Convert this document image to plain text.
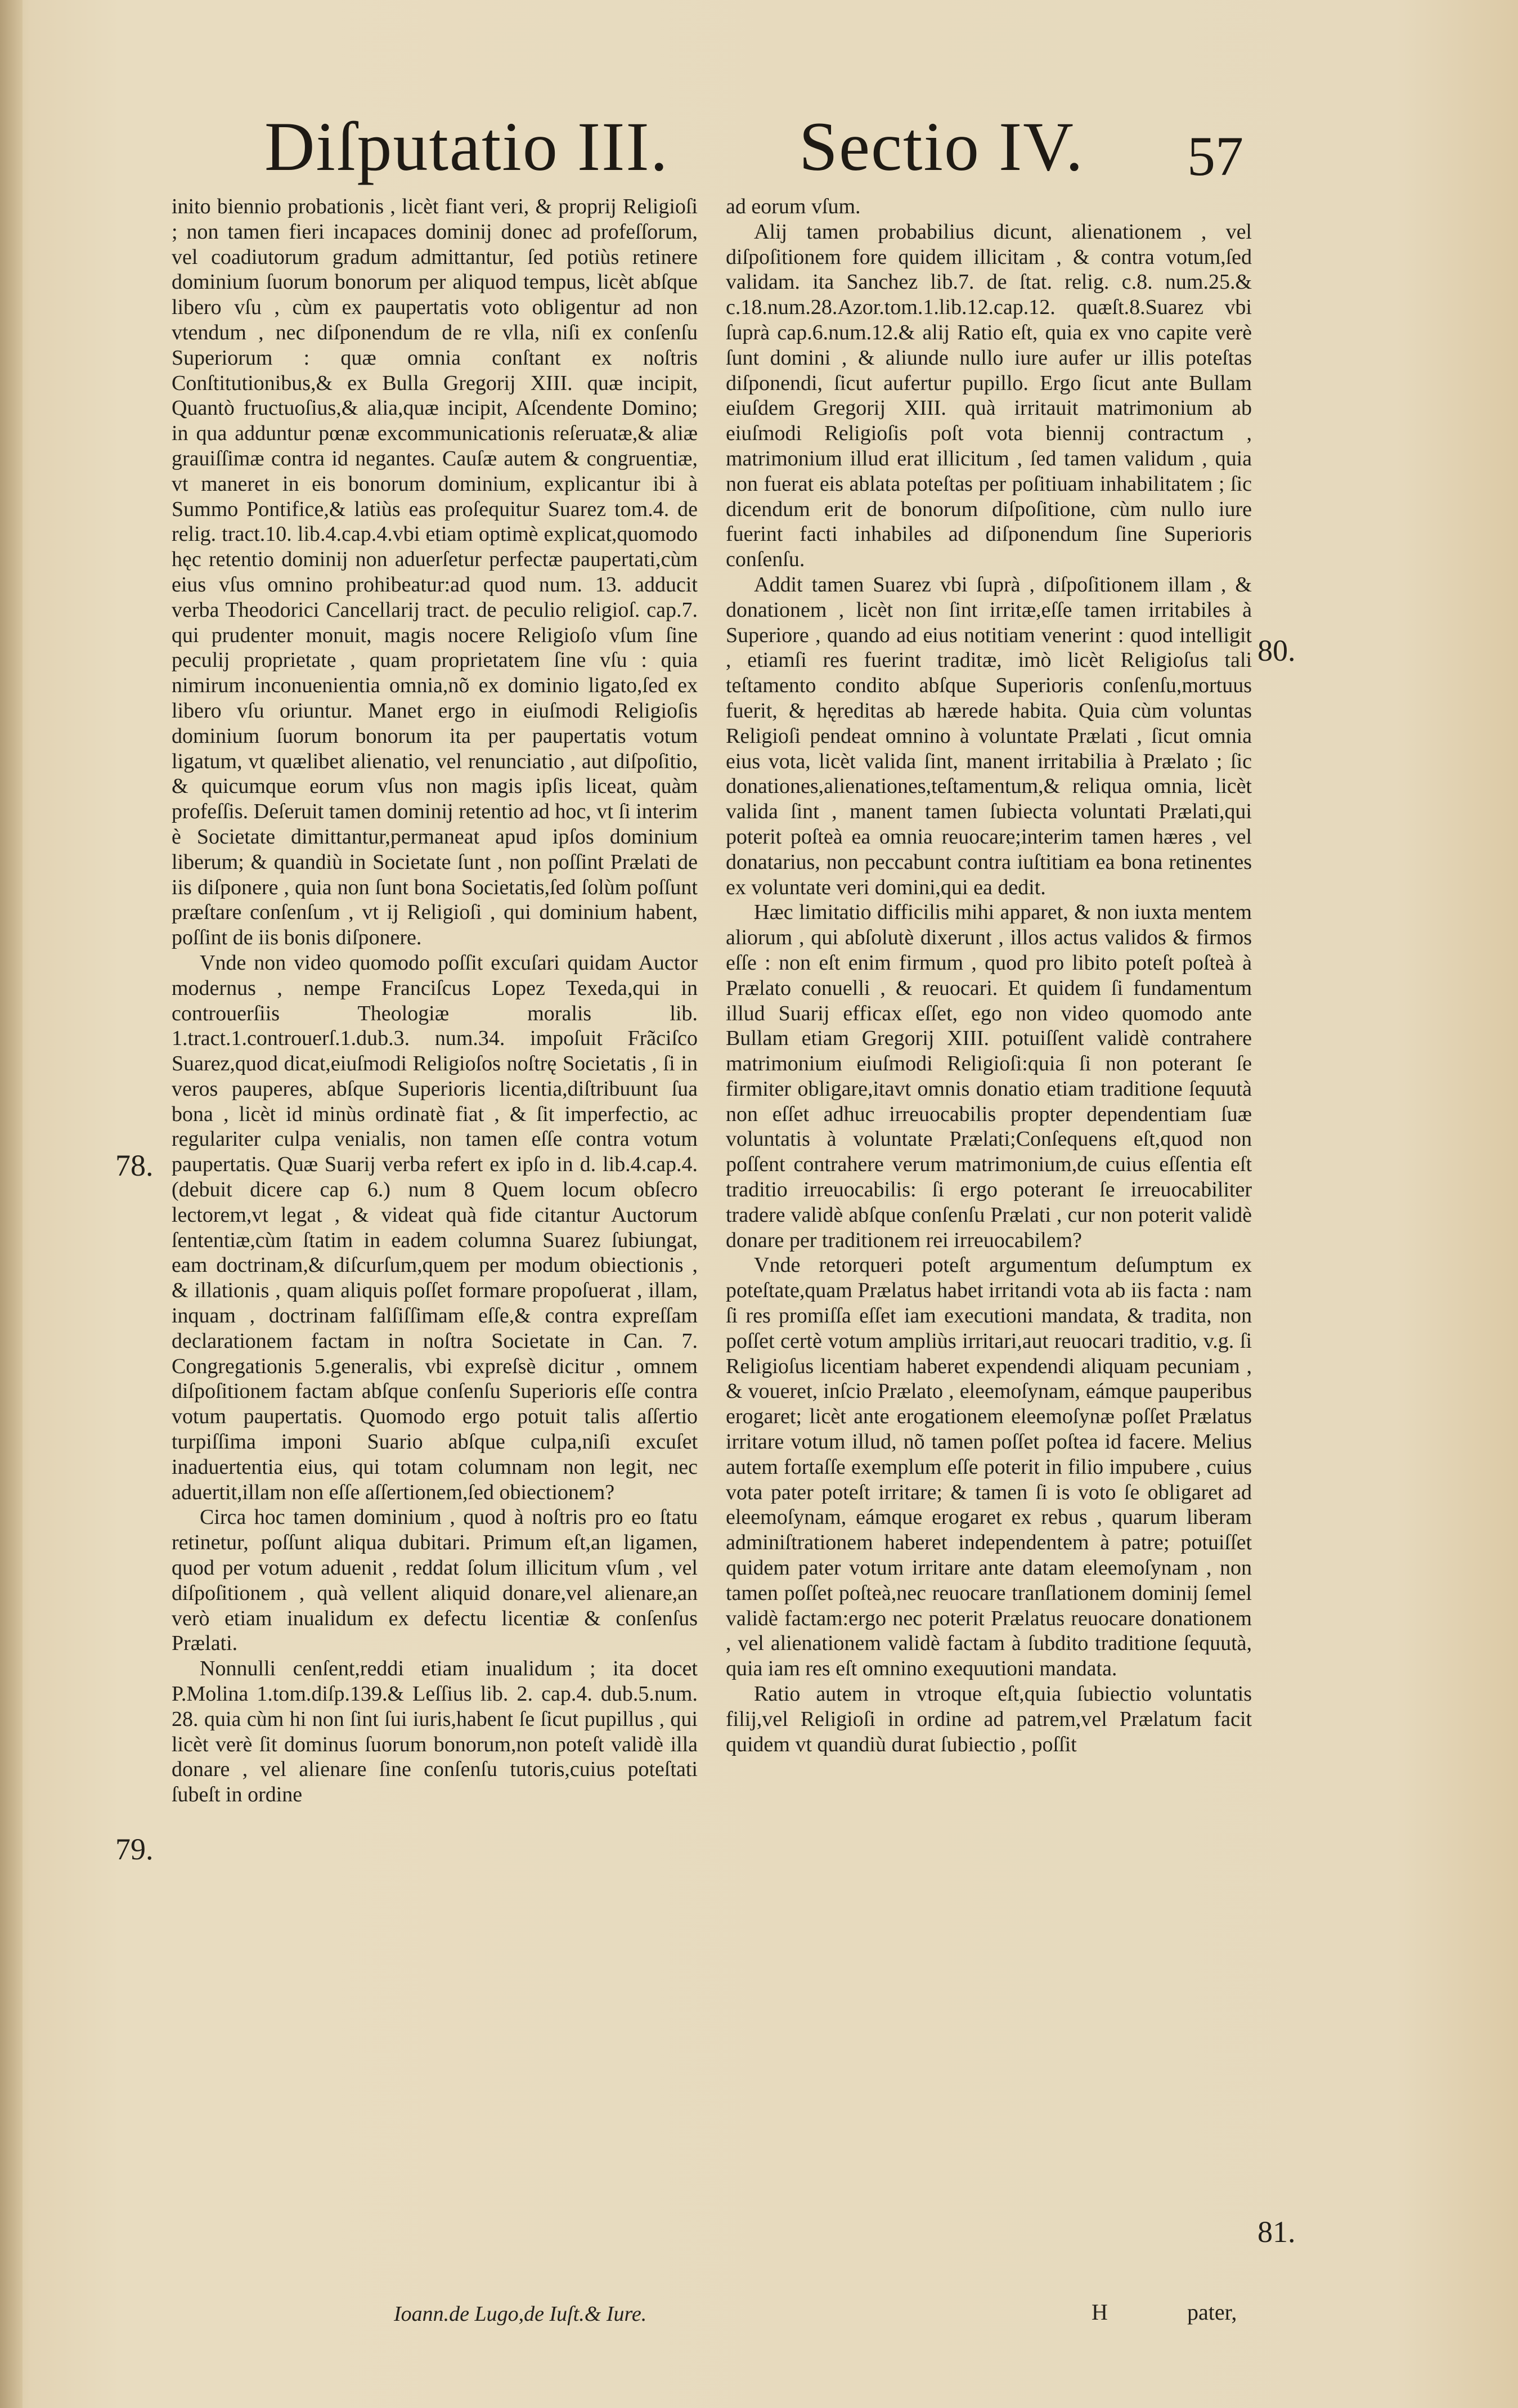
Diſputatio III. Sectio IV. 57

inito biennio probationis , licèt fiant veri, & proprij Religioſi ; non tamen fieri incapaces dominij donec ad profeſſorum, vel coadiutorum gradum admittantur, ſed potiùs retinere dominium ſuorum bonorum per aliquod tempus, licèt abſque libero vſu , cùm ex paupertatis voto obligentur ad non vtendum , nec diſponendum de re vlla, niſi ex conſenſu Superiorum : quæ omnia conſtant ex noſtris Conſtitutionibus,& ex Bulla Gregorij XIII. quæ incipit, Quantò fructuoſius,& alia,quæ incipit, Aſcendente Domino; in qua adduntur pœnæ excommunicationis reſeruatæ,& aliæ grauiſſimæ contra id negantes. Cauſæ autem & congruentiæ, vt maneret in eis bonorum dominium, explicantur ibi à Summo Pontifice,& latiùs eas proſequitur Suarez tom.4. de relig. tract.10. lib.4.cap.4.vbi etiam optimè explicat,quomodo hęc retentio dominij non aduerſetur perfectæ paupertati,cùm eius vſus omnino prohibeatur:ad quod num. 13. adducit verba Theodorici Cancellarij tract. de peculio religioſ. cap.7. qui prudenter monuit, magis nocere Religioſo vſum ſine peculij proprietate , quam proprietatem ſine vſu : quia nimirum inconuenientia omnia,nõ ex dominio ligato,ſed ex libero vſu oriuntur. Manet ergo in eiuſmodi Religioſis dominium ſuorum bonorum ita per paupertatis votum ligatum, vt quælibet alienatio, vel renunciatio , aut diſpoſitio, & quicumque eorum vſus non magis ipſis liceat, quàm profeſſis. Deſeruit tamen dominij retentio ad hoc, vt ſi interim è Societate dimittantur,permaneat apud ipſos dominium liberum; & quandiù in Societate ſunt , non poſſint Prælati de iis diſponere , quia non ſunt bona Societatis,ſed ſolùm poſſunt præſtare conſenſum , vt ij Religioſi , qui dominium habent, poſſint de iis bonis diſponere.

Vnde non video quomodo poſſit excuſari quidam Auctor modernus , nempe Franciſcus Lopez Texeda,qui in controuerſiis Theologiæ moralis lib. 1.tract.1.controuerſ.1.dub.3. num.34. impoſuit Frãciſco Suarez,quod dicat,eiuſmodi Religioſos noſtrę Societatis , ſi in veros pauperes, abſque Superioris licentia,diſtribuunt ſua bona , licèt id minùs ordinatè fiat , & ſit imperfectio, ac regulariter culpa venialis, non tamen eſſe contra votum paupertatis. Quæ Suarij verba refert ex ipſo in d. lib.4.cap.4.(debuit dicere cap 6.) num 8 Quem locum obſecro lectorem,vt legat , & videat quà fide citantur Auctorum ſententiæ,cùm ſtatim in eadem columna Suarez ſubiungat, eam doctrinam,& diſcurſum,quem per modum obiectionis , & illationis , quam aliquis poſſet formare propoſuerat , illam, inquam , doctrinam falſiſſimam eſſe,& contra expreſſam declarationem factam in noſtra Societate in Can. 7. Congregationis 5.generalis, vbi expreſsè dicitur , omnem diſpoſitionem factam abſque conſenſu Superioris eſſe contra votum paupertatis. Quomodo ergo potuit talis aſſertio turpiſſima imponi Suario abſque culpa,niſi excuſet inaduertentia eius, qui totam columnam non legit, nec aduertit,illam non eſſe aſſertionem,ſed obiectionem?

Circa hoc tamen dominium , quod à noſtris pro eo ſtatu retinetur, poſſunt aliqua dubitari. Primum eſt,an ligamen, quod per votum aduenit , reddat ſolum illicitum vſum , vel diſpoſitionem , quà vellent aliquid donare,vel alienare,an verò etiam inualidum ex defectu licentiæ & conſenſus Prælati.

Nonnulli cenſent,reddi etiam inualidum ; ita docet P.Molina 1.tom.diſp.139.& Leſſius lib. 2. cap.4. dub.5.num. 28. quia cùm hi non ſint ſui iuris,habent ſe ſicut pupillus , qui licèt verè ſit dominus ſuorum bonorum,non poteſt validè illa donare , vel alienare ſine conſenſu tutoris,cuius poteſtati ſubeſt in ordine

ad eorum vſum.

Alij tamen probabilius dicunt, alienationem , vel diſpoſitionem fore quidem illicitam , & contra votum,ſed validam. ita Sanchez lib.7. de ſtat. relig. c.8. num.25.& c.18.num.28.Azor.tom.1.lib.12.cap.12. quæſt.8.Suarez vbi ſuprà cap.6.num.12.& alij Ratio eſt, quia ex vno capite verè ſunt domini , & aliunde nullo iure aufer ur illis poteſtas diſponendi, ſicut aufertur pupillo. Ergo ſicut ante Bullam eiuſdem Gregorij XIII. quà irritauit matrimonium ab eiuſmodi Religioſis poſt vota biennij contractum , matrimonium illud erat illicitum , ſed tamen validum , quia non fuerat eis ablata poteſtas per poſitiuam inhabilitatem ; ſic dicendum erit de bonorum diſpoſitione, cùm nullo iure fuerint facti inhabiles ad diſponendum ſine Superioris conſenſu.

Addit tamen Suarez vbi ſuprà , diſpoſitionem illam , & donationem , licèt non ſint irritæ,eſſe tamen irritabiles à Superiore , quando ad eius notitiam venerint : quod intelligit , etiamſi res fuerint traditæ, imò licèt Religioſus tali teſtamento condito abſque Superioris conſenſu,mortuus fuerit, & hęreditas ab hærede habita. Quia cùm voluntas Religioſi pendeat omnino à voluntate Prælati , ſicut omnia eius vota, licèt valida ſint, manent irritabilia à Prælato ; ſic donationes,alienationes,teſtamentum,& reliqua omnia, licèt valida ſint , manent tamen ſubiecta voluntati Prælati,qui poterit poſteà ea omnia reuocare;interim tamen hæres , vel donatarius, non peccabunt contra iuſtitiam ea bona retinentes ex voluntate veri domini,qui ea dedit.

Hæc limitatio difficilis mihi apparet, & non iuxta mentem aliorum , qui abſolutè dixerunt , illos actus validos & firmos eſſe : non eſt enim firmum , quod pro libito poteſt poſteà à Prælato conuelli , & reuocari. Et quidem ſi fundamentum illud Suarij efficax eſſet, ego non video quomodo ante Bullam etiam Gregorij XIII. potuiſſent validè contrahere matrimonium eiuſmodi Religioſi:quia ſi non poterant ſe firmiter obligare,itavt omnis donatio etiam traditione ſequutà non eſſet adhuc irreuocabilis propter dependentiam ſuæ voluntatis à voluntate Prælati;Conſequens eſt,quod non poſſent contrahere verum matrimonium,de cuius eſſentia eſt traditio irreuocabilis: ſi ergo poterant ſe irreuocabiliter tradere validè abſque conſenſu Prælati , cur non poterit validè donare per traditionem rei irreuocabilem?

Vnde retorqueri poteſt argumentum deſumptum ex poteſtate,quam Prælatus habet irritandi vota ab iis facta : nam ſi res promiſſa eſſet iam executioni mandata, & tradita, non poſſet certè votum ampliùs irritari,aut reuocari traditio, v.g. ſi Religioſus licentiam haberet expendendi aliquam pecuniam , & voueret, inſcio Prælato , eleemoſynam, eámque pauperibus erogaret; licèt ante erogationem eleemoſynæ poſſet Prælatus irritare votum illud, nõ tamen poſſet poſtea id facere. Melius autem fortaſſe exemplum eſſe poterit in filio impubere , cuius vota pater poteſt irritare; & tamen ſi is voto ſe obligaret ad eleemoſynam, eámque erogaret ex rebus , quarum liberam adminiſtrationem haberet independentem à patre; potuiſſet quidem pater votum irritare ante datam eleemoſynam , non tamen poſſet poſteà,nec reuocare tranſlationem dominij ſemel validè factam:ergo nec poterit Prælatus reuocare donationem , vel alienationem validè factam à ſubdito traditione ſequutà, quia iam res eſt omnino exequutioni mandata.

Ratio autem in vtroque eſt,quia ſubiectio voluntatis filij,vel Religioſi in ordine ad patrem,vel Prælatum facit quidem vt quandiù durat ſubiectio , poſſit

78.
79.
80.
81.
Ioann.de Lugo,de Iuſt.& Iure.	H	pater,
